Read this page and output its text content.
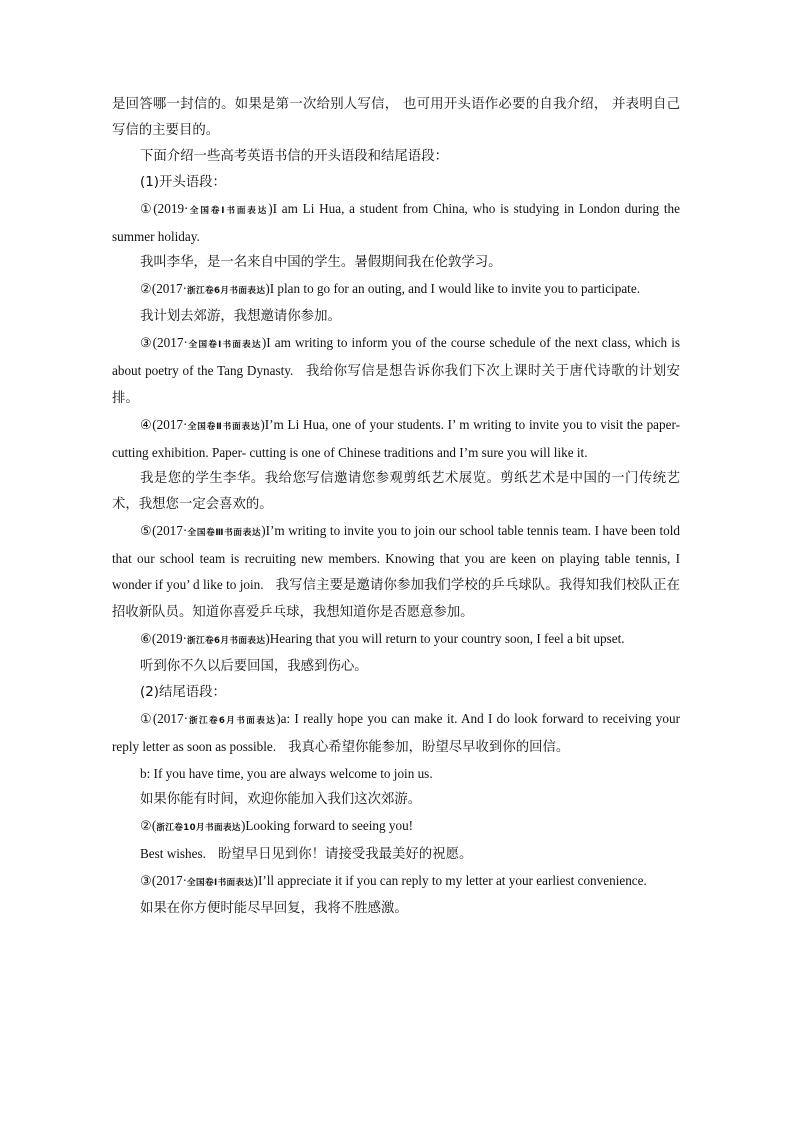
是回答哪一封信的。如果是第一次给别人写信， 也可用开头语作必要的自我介绍， 并表明自己写信的主要目的。

下面介绍一些高考英语书信的开头语段和结尾语段：

(1)开头语段：

①(2019·全国卷Ⅰ书面表达)I am Li Hua, a student from China, who is studying in London during the summer holiday.

我叫李华，是一名来自中国的学生。暑假期间我在伦敦学习。

②(2017·浙江卷6月书面表达)I plan to go for an outing, and I would like to invite you to participate.

我计划去郊游，我想邀请你参加。

③(2017·全国卷Ⅰ书面表达)I am writing to inform you of the course schedule of the next class, which is about poetry of the Tang Dynasty. 我给你写信是想告诉你我们下次上课时关于唐代诗歌的计划安排。

④(2017·全国卷Ⅱ书面表达)I’m Li Hua, one of your students. I’ m writing to invite you to visit the paper- cutting exhibition. Paper- cutting is one of Chinese traditions and I’m sure you will like it.

我是您的学生李华。我给您写信邀请您参观剪纸艺术展览。剪纸艺术是中国的一门传统艺术，我想您一定会喜欢的。

⑤(2017·全国卷Ⅲ书面表达)I’m writing to invite you to join our school table tennis team. I have been told that our school team is recruiting new members. Knowing that you are keen on playing table tennis, I wonder if you’ d like to join. 我写信主要是邀请你参加我们学校的乒乓球队。我得知我们校队正在招收新队员。知道你喜爱乒乓球，我想知道你是否愿意参加。

⑥(2019·浙江卷6月书面表达)Hearing that you will return to your country soon, I feel a bit upset.

听到你不久以后要回国，我感到伤心。

(2)结尾语段：

①(2017·浙江卷6月书面表达)a: I really hope you can make it. And I do look forward to receiving your reply letter as soon as possible. 我真心希望你能参加，盼望尽早收到你的回信。

b: If you have time, you are always welcome to join us.

如果你能有时间，欢迎你能加入我们这次郊游。

②(浙江卷10月书面表达)Looking forward to seeing you!

Best wishes. 盼望早日见到你！请接受我最美好的祝愿。

③(2017·全国卷Ⅰ书面表达)I’ll appreciate it if you can reply to my letter at your earliest convenience.

如果在你方便时能尽早回复，我将不胜感激。
